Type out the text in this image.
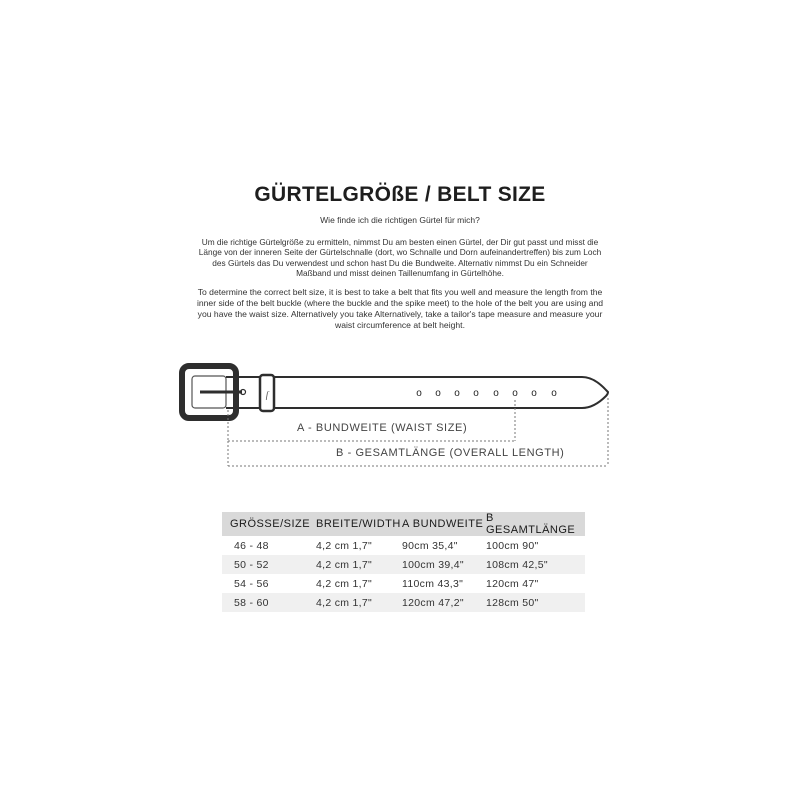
GÜRTELGRÖßE / BELT SIZE
Wie finde ich die richtigen Gürtel für mich?
Um die richtige Gürtelgröße zu ermitteln, nimmst Du am besten einen Gürtel, der Dir gut passt und misst die Länge von der inneren Seite der Gürtelschnalle (dort, wo Schnalle und Dorn aufeinandertreffen) bis zum Loch des Gürtels das Du verwendest und schon hast Du die Bundweite. Alternativ nimmst Du ein Schneider Maßband und misst deinen Taillenumfang in Gürtelhöhe.
To determine the correct belt size, it is best to take a belt that fits you well and measure the length from the inner side of the belt buckle (where the buckle and the spike meet) to the hole of the belt you are using and you have the waist size. Alternatively you take Alternatively, take a tailor's tape measure and measure your waist circumference at belt height.
ſ	o o o o o o o o
A - BUNDWEITE (WAIST SIZE)
B - GESAMTLÄNGE (OVERALL LENGTH)
GRÖSSE/SIZE	BREITE/WIDTH	A BUNDWEITE	B GESAMTLÄNGE
46 - 48	4,2 cm 1,7"	90cm 35,4"	100cm 90"
50 - 52	4,2 cm 1,7"	100cm 39,4"	108cm 42,5"
54 - 56	4,2 cm 1,7"	110cm 43,3"	120cm 47"
58 - 60	4,2 cm 1,7"	120cm 47,2"	128cm 50"
